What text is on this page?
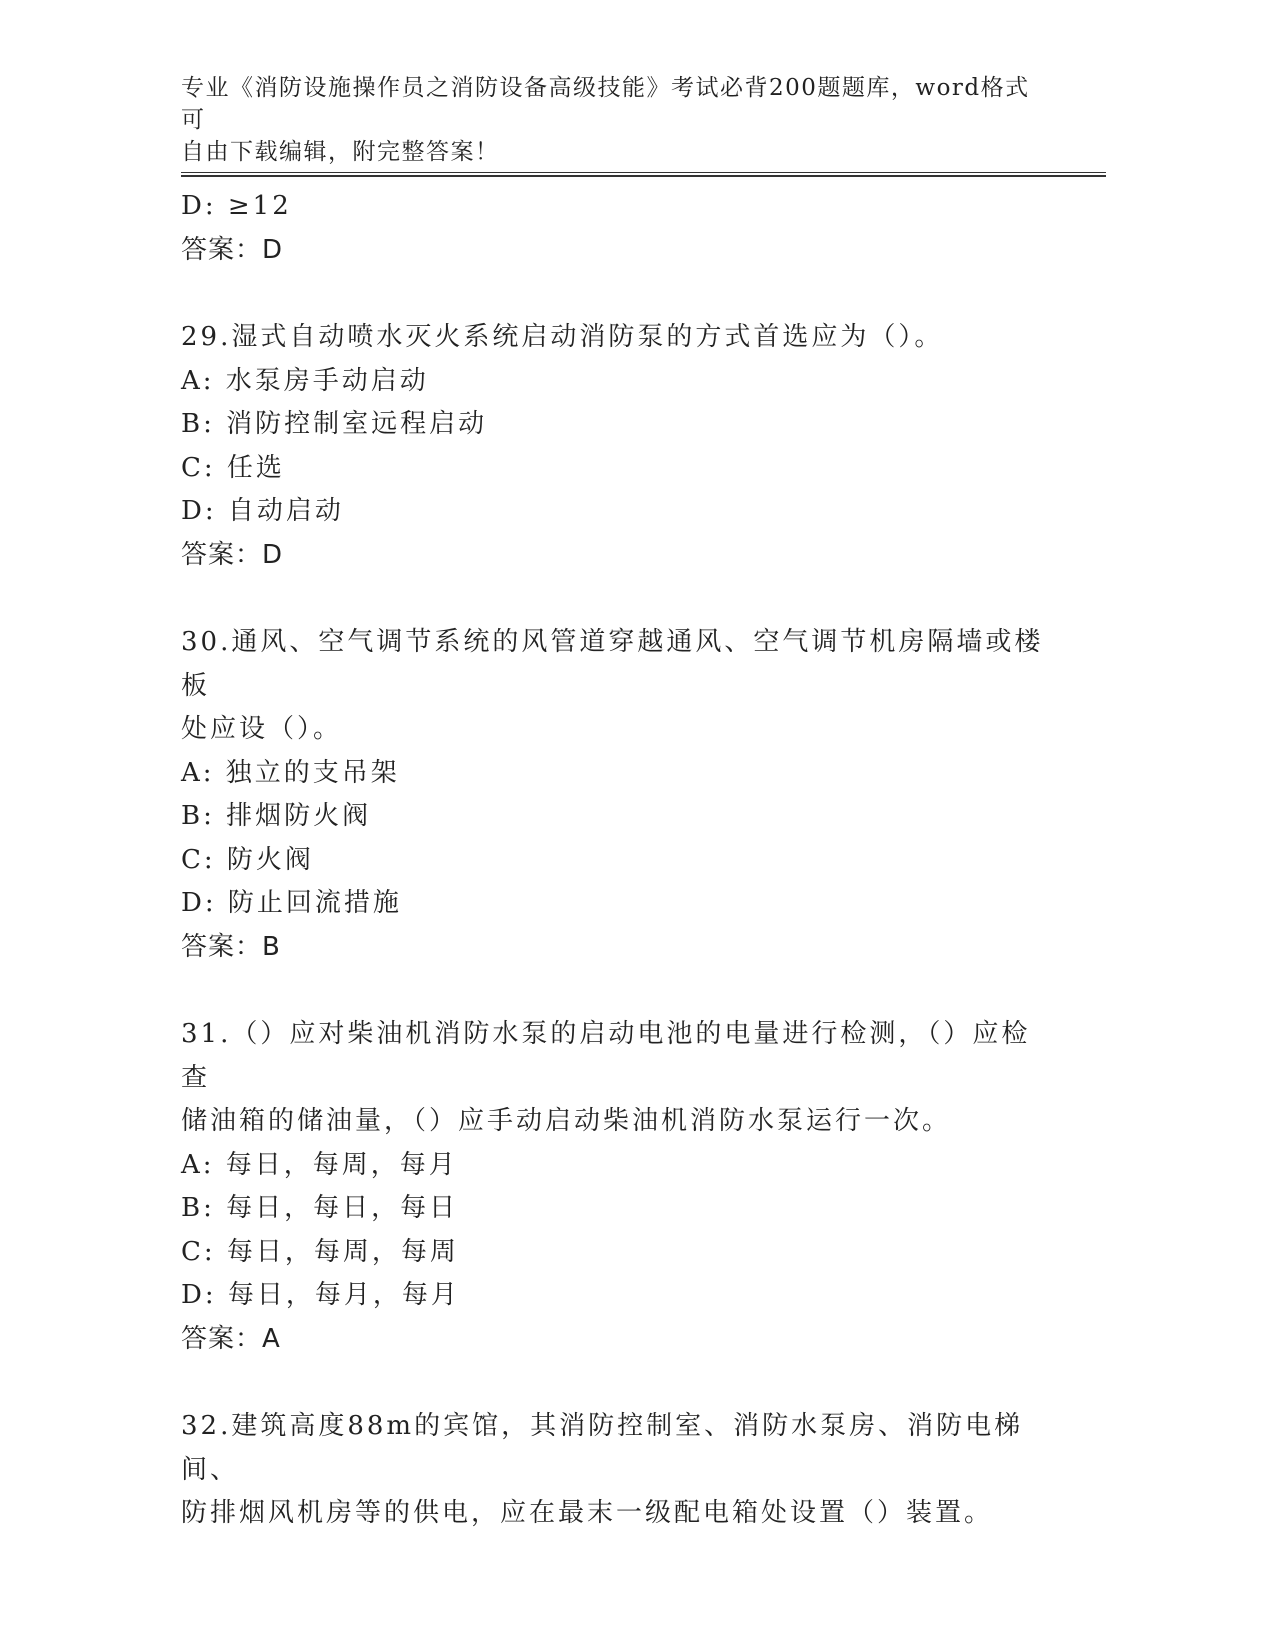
专业《消防设施操作员之消防设备高级技能》考试必背200题题库，word格式可
自由下载编辑，附完整答案！
D: ≥12
答案：D
29.湿式自动喷水灭火系统启动消防泵的方式首选应为（）。
A: 水泵房手动启动
B: 消防控制室远程启动
C: 任选
D: 自动启动
答案：D
30.通风、空气调节系统的风管道穿越通风、空气调节机房隔墙或楼板
处应设（）。
A: 独立的支吊架
B: 排烟防火阀
C: 防火阀
D: 防止回流措施
答案：B
31.（）应对柴油机消防水泵的启动电池的电量进行检测，（）应检查
储油箱的储油量，（）应手动启动柴油机消防水泵运行一次。
A: 每日，每周，每月
B: 每日，每日，每日
C: 每日，每周，每周
D: 每日，每月，每月
答案：A
32.建筑高度88m的宾馆，其消防控制室、消防水泵房、消防电梯间、
防排烟风机房等的供电，应在最末一级配电箱处设置（）装置。
